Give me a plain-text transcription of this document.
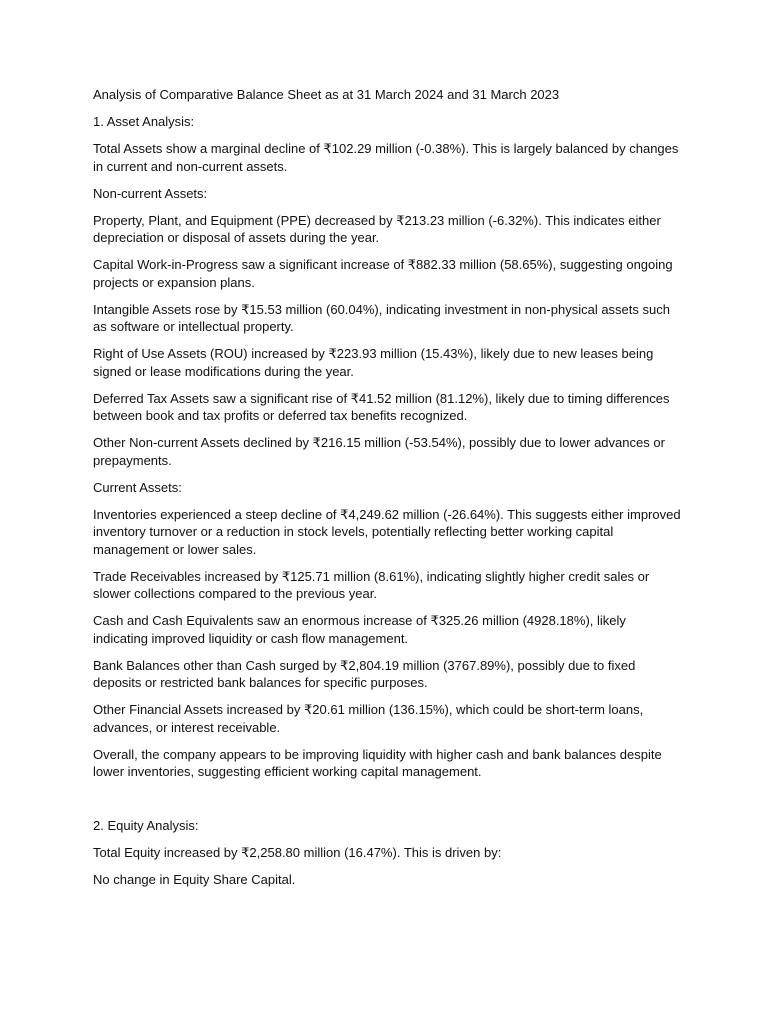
Analysis of Comparative Balance Sheet as at 31 March 2024 and 31 March 2023

1. Asset Analysis:

Total Assets show a marginal decline of ₹102.29 million (-0.38%). This is largely balanced by changes in current and non-current assets.

Non-current Assets:

Property, Plant, and Equipment (PPE) decreased by ₹213.23 million (-6.32%). This indicates either depreciation or disposal of assets during the year.

Capital Work-in-Progress saw a significant increase of ₹882.33 million (58.65%), suggesting ongoing projects or expansion plans.

Intangible Assets rose by ₹15.53 million (60.04%), indicating investment in non-physical assets such as software or intellectual property.

Right of Use Assets (ROU) increased by ₹223.93 million (15.43%), likely due to new leases being signed or lease modifications during the year.

Deferred Tax Assets saw a significant rise of ₹41.52 million (81.12%), likely due to timing differences between book and tax profits or deferred tax benefits recognized.

Other Non-current Assets declined by ₹216.15 million (-53.54%), possibly due to lower advances or prepayments.

Current Assets:

Inventories experienced a steep decline of ₹4,249.62 million (-26.64%). This suggests either improved inventory turnover or a reduction in stock levels, potentially reflecting better working capital management or lower sales.

Trade Receivables increased by ₹125.71 million (8.61%), indicating slightly higher credit sales or slower collections compared to the previous year.

Cash and Cash Equivalents saw an enormous increase of ₹325.26 million (4928.18%), likely indicating improved liquidity or cash flow management.

Bank Balances other than Cash surged by ₹2,804.19 million (3767.89%), possibly due to fixed deposits or restricted bank balances for specific purposes.

Other Financial Assets increased by ₹20.61 million (136.15%), which could be short-term loans, advances, or interest receivable.

Overall, the company appears to be improving liquidity with higher cash and bank balances despite lower inventories, suggesting efficient working capital management.

2. Equity Analysis:

Total Equity increased by ₹2,258.80 million (16.47%). This is driven by:

No change in Equity Share Capital.
